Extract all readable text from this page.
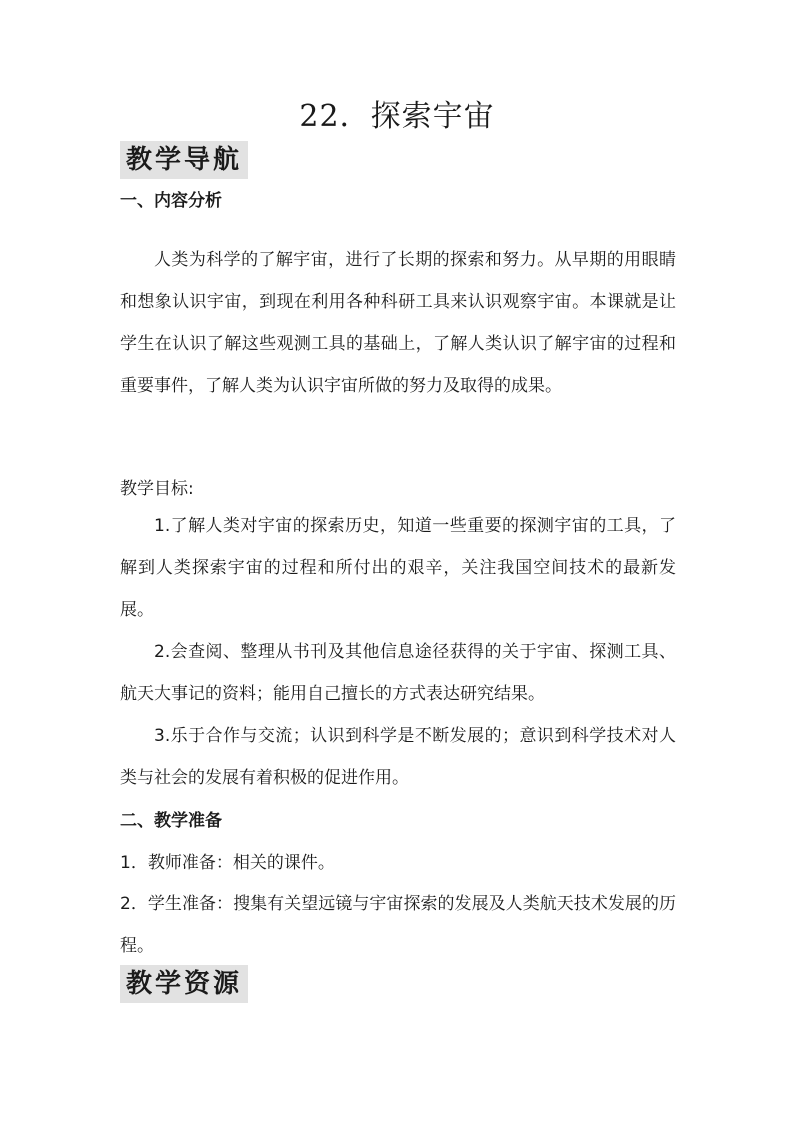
22．探索宇宙
教学导航
一、内容分析
人类为科学的了解宇宙，进行了长期的探索和努力。从早期的用眼睛和想象认识宇宙，到现在利用各种科研工具来认识观察宇宙。本课就是让学生在认识了解这些观测工具的基础上，了解人类认识了解宇宙的过程和重要事件，了解人类为认识宇宙所做的努力及取得的成果。
教学目标:
1.了解人类对宇宙的探索历史，知道一些重要的探测宇宙的工具，了解到人类探索宇宙的过程和所付出的艰辛，关注我国空间技术的最新发展。
2.会查阅、整理从书刊及其他信息途径获得的关于宇宙、探测工具、航天大事记的资料；能用自己擅长的方式表达研究结果。
3.乐于合作与交流；认识到科学是不断发展的；意识到科学技术对人类与社会的发展有着积极的促进作用。
二、教学准备
1．教师准备：相关的课件。
2．学生准备：搜集有关望远镜与宇宙探索的发展及人类航天技术发展的历程。
教学资源
